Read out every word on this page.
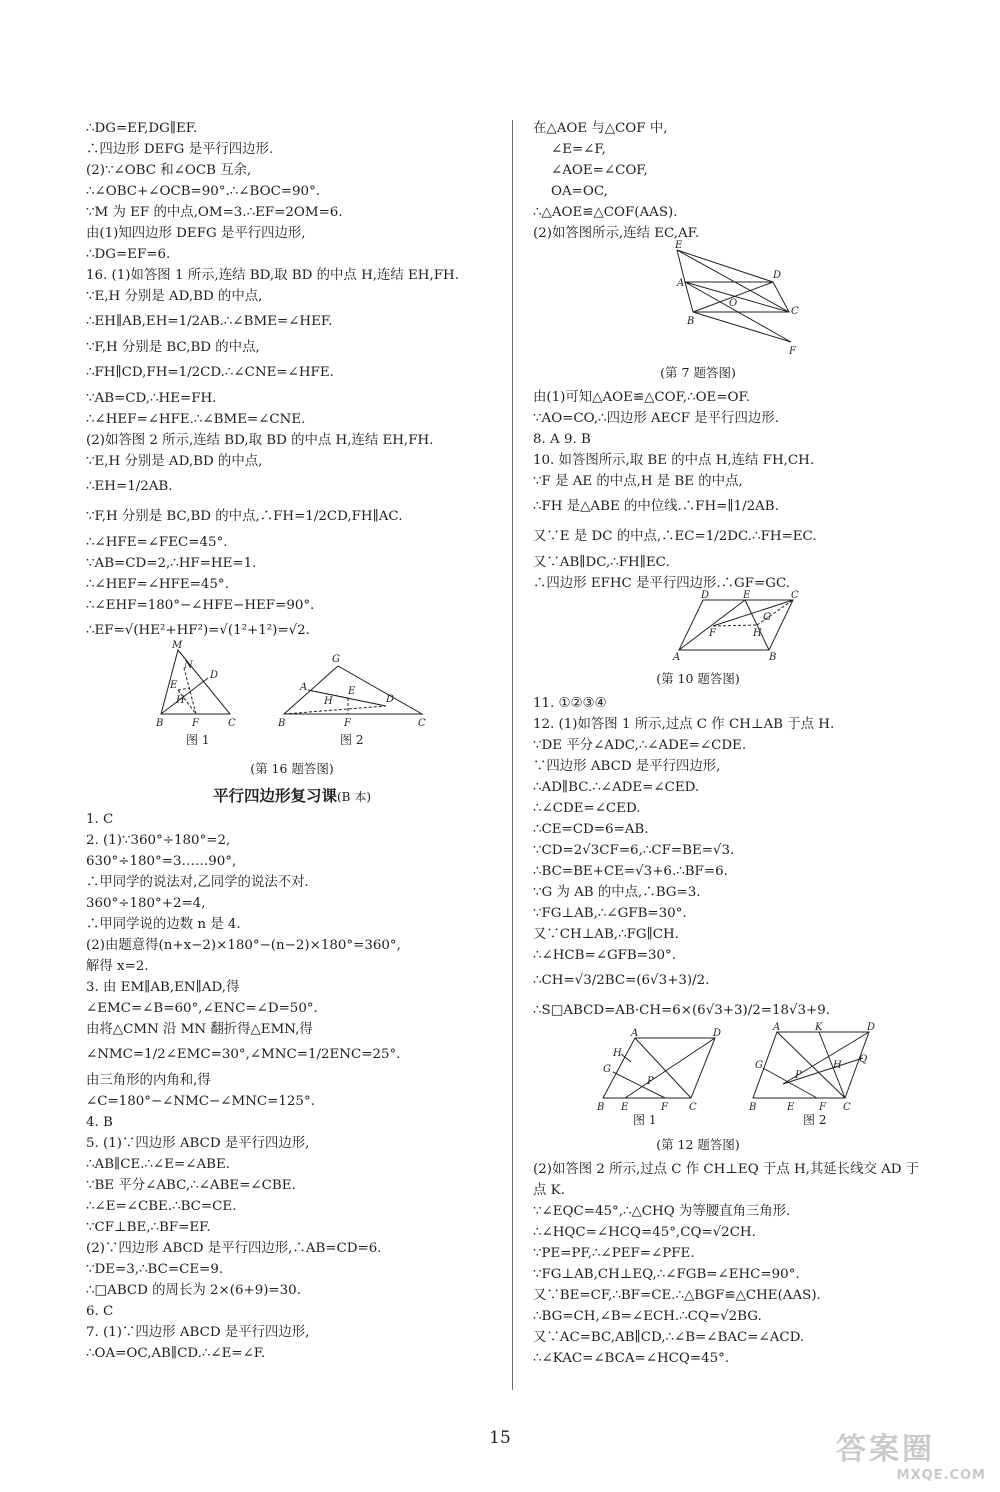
∴DG=EF,DG∥EF.
∴四边形 DEFG 是平行四边形.
(2)∵∠OBC 和∠OCB 互余,
∴∠OBC+∠OCB=90°.∴∠BOC=90°.
∵M 为 EF 的中点,OM=3.∴EF=2OM=6.
由(1)知四边形 DEFG 是平行四边形,
∴DG=EF=6.
16. (1)如答图 1 所示,连结 BD,取 BD 的中点 H,连结 EH,FH.
∵E,H 分别是 AD,BD 的中点,
∴EH∥AB,EH=1/2AB.∴∠BME=∠HEF.
∵F,H 分别是 BC,BD 的中点,
∴FH∥CD,FH=1/2CD.∴∠CNE=∠HFE.
∵AB=CD,∴HE=FH.
∴∠HEF=∠HFE.∴∠BME=∠CNE.
(2)如答图 2 所示,连结 BD,取 BD 的中点 H,连结 EH,FH.
∵E,H 分别是 AD,BD 的中点,
∴EH=1/2AB.
∵F,H 分别是 BC,BD 的中点,∴FH=1/2CD,FH∥AC.
∴∠HFE=∠FEC=45°.
∵AB=CD=2,∴HF=HE=1.
∴∠HEF=∠HFE=45°.
∴∠EHF=180°−∠HFE−HEF=90°.
∴EF=√(HE²+HF²)=√(1²+1²)=√2.
M
N
D
E
H
B	F	C
G
A	E
H	D
B	F	C
图 1	图 2
(第 16 题答图)
平行四边形复习课(B 本)
1. C
2. (1)∵360°÷180°=2,
630°÷180°=3……90°,
∴甲同学的说法对,乙同学的说法不对.
360°÷180°+2=4,
∴甲同学说的边数 n 是 4.
(2)由题意得(n+x−2)×180°−(n−2)×180°=360°,
解得 x=2.
3. 由 EM∥AB,EN∥AD,得
∠EMC=∠B=60°,∠ENC=∠D=50°.
由将△CMN 沿 MN 翻折得△EMN,得
∠NMC=1/2∠EMC=30°,∠MNC=1/2ENC=25°.
由三角形的内角和,得
∠C=180°−∠NMC−∠MNC=125°.
4. B
5. (1)∵四边形 ABCD 是平行四边形,
∴AB∥CE.∴∠E=∠ABE.
∵BE 平分∠ABC,∴∠ABE=∠CBE.
∴∠E=∠CBE.∴BC=CE.
∵CF⊥BE,∴BF=EF.
(2)∵四边形 ABCD 是平行四边形,∴AB=CD=6.
∵DE=3,∴BC=CE=9.
∴□ABCD 的周长为 2×(6+9)=30.
6. C
7. (1)∵四边形 ABCD 是平行四边形,
∴OA=OC,AB∥CD.∴∠E=∠F.
在△AOE 与△COF 中,
∠E=∠F,
∠AOE=∠COF,
OA=OC,
∴△AOE≌△COF(AAS).
(2)如答图所示,连结 EC,AF.
E
D
A
O
C
B
F
(第 7 题答图)
由(1)可知△AOE≌△COF,∴OE=OF.
∵AO=CO,∴四边形 AECF 是平行四边形.
8. A 9. B
10. 如答图所示,取 BE 的中点 H,连结 FH,CH.
∵F 是 AE 的中点,H 是 BE 的中点,
∴FH 是△ABE 的中位线.∴FH=∥1/2AB.
又∵E 是 DC 的中点,∴EC=1/2DC.∴FH=EC.
又∵AB∥DC,∴FH∥EC.
∴四边形 EFHC 是平行四边形.∴GF=GC.
D	E	C
F	H
G
A	B
(第 10 题答图)
11. ①②③④
12. (1)如答图 1 所示,过点 C 作 CH⊥AB 于点 H.
∵DE 平分∠ADC,∴∠ADE=∠CDE.
∵四边形 ABCD 是平行四边形,
∴AD∥BC.∴∠ADE=∠CED.
∴∠CDE=∠CED.
∴CE=CD=6=AB.
∵CD=2√3CF=6,∴CF=BE=√3.
∴BC=BE+CE=√3+6.∴BF=6.
∵G 为 AB 的中点,∴BG=3.
∵FG⊥AB,∴∠GFB=30°.
又∵CH⊥AB,∴FG∥CH.
∴∠HCB=∠GFB=30°.
∴CH=√3/2BC=(6√3+3)/2.
∴S□ABCD=AB·CH=6×(6√3+3)/2=18√3+9.
A	D
H
G
P
B E	F C
图 1
A	K	D
G
P
H
Q
B	E F C
图 2
(第 12 题答图)
(2)如答图 2 所示,过点 C 作 CH⊥EQ 于点 H,其延长线交 AD 于
点 K.
∵∠EQC=45°,∴△CHQ 为等腰直角三角形.
∴∠HQC=∠HCQ=45°,CQ=√2CH.
∵PE=PF,∴∠PEF=∠PFE.
∵FG⊥AB,CH⊥EQ,∴∠FGB=∠EHC=90°.
又∵BE=CF,∴BF=CE.∴△BGF≌△CHE(AAS).
∴BG=CH,∠B=∠ECH.∴CQ=√2BG.
又∵AC=BC,AB∥CD,∴∠B=∠BAC=∠ACD.
∴∠KAC=∠BCA=∠HCQ=45°.
15	答案圈
MXQE.COM
